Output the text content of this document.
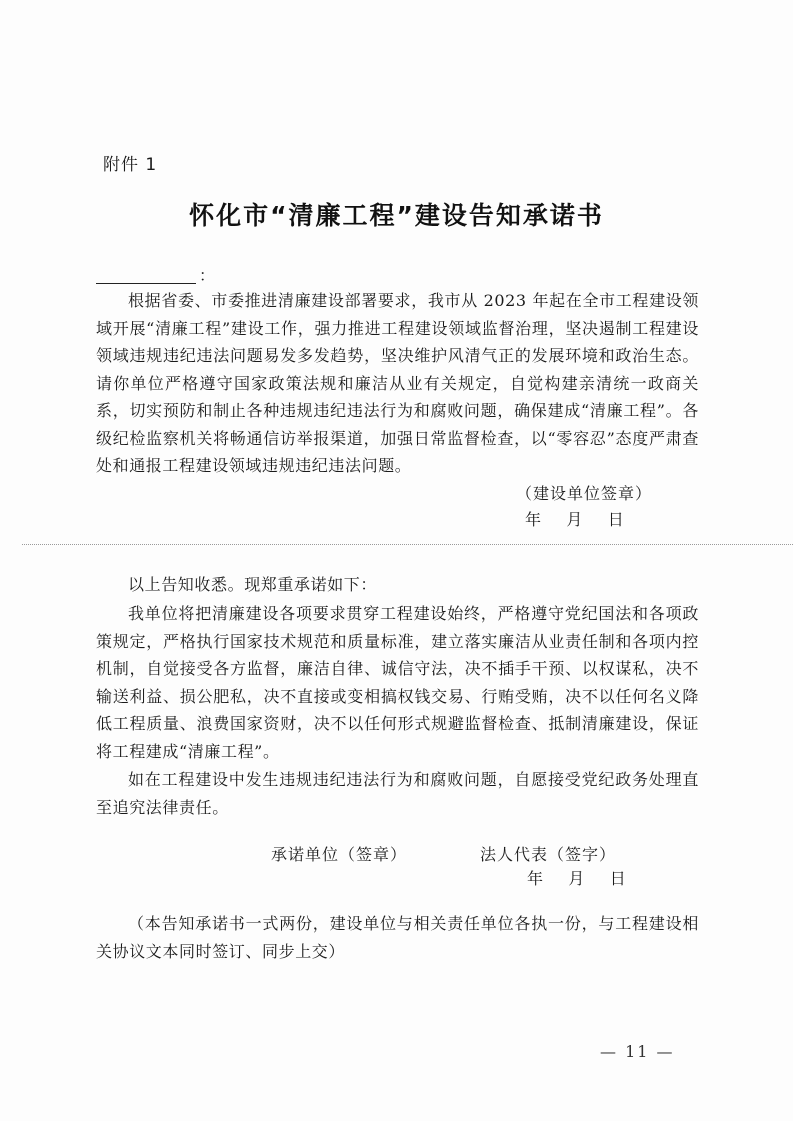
附件 1
怀化市“清廉工程”建设告知承诺书
：

根据省委、市委推进清廉建设部署要求，我市从 2023 年起在全市工程建设领域开展“清廉工程”建设工作，强力推进工程建设领域监督治理，坚决遏制工程建设领域违规违纪违法问题易发多发趋势，坚决维护风清气正的发展环境和政治生态。请你单位严格遵守国家政策法规和廉洁从业有关规定，自觉构建亲清统一政商关系，切实预防和制止各种违规违纪违法行为和腐败问题，确保建成“清廉工程”。各级纪检监察机关将畅通信访举报渠道，加强日常监督检查，以“零容忍”态度严肃查处和通报工程建设领域违规违纪违法问题。

（建设单位签章）
年    月    日

以上告知收悉。现郑重承诺如下：

我单位将把清廉建设各项要求贯穿工程建设始终，严格遵守党纪国法和各项政策规定，严格执行国家技术规范和质量标准，建立落实廉洁从业责任制和各项内控机制，自觉接受各方监督，廉洁自律、诚信守法，决不插手干预、以权谋私，决不输送利益、损公肥私，决不直接或变相搞权钱交易、行贿受贿，决不以任何名义降低工程质量、浪费国家资财，决不以任何形式规避监督检查、抵制清廉建设，保证将工程建成“清廉工程”。

如在工程建设中发生违规违纪违法行为和腐败问题，自愿接受党纪政务处理直至追究法律责任。

承诺单位（签章）	法人代表（签字）
年    月    日

（本告知承诺书一式两份，建设单位与相关责任单位各执一份，与工程建设相关协议文本同时签订、同步上交）

— 11 —
